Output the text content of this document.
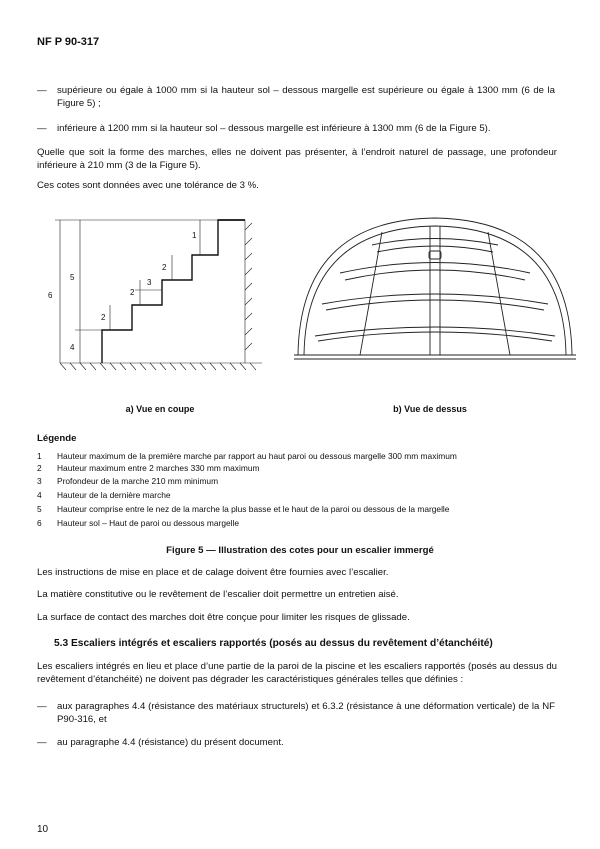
NF P 90-317
— supérieure ou égale à 1000 mm si la hauteur sol – dessous margelle est supérieure ou égale à 1300 mm (6 de la Figure 5) ;
— inférieure à 1200 mm si la hauteur sol – dessous margelle est inférieure à 1300 mm (6 de la Figure 5).
Quelle que soit la forme des marches, elles ne doivent pas présenter, à l’endroit naturel de passage, une profondeur inférieure à 210 mm (3 de la Figure 5).
Ces cotes sont données avec une tolérance de 3 %.
6
5
4
2
2
3
2
1
a) Vue en coupe	b) Vue de dessus
Légende
1	Hauteur maximum de la première marche par rapport au haut paroi ou dessous margelle 300 mm maximum
2	Hauteur maximum entre 2 marches 330 mm maximum
3	Profondeur de la marche 210 mm minimum
4	Hauteur de la dernière marche
5	Hauteur comprise entre le nez de la marche la plus basse et le haut de la paroi ou dessous de la margelle
6	Hauteur sol – Haut de paroi ou dessous margelle
Figure 5 — Illustration des cotes pour un escalier immergé
Les instructions de mise en place et de calage doivent être fournies avec l’escalier.
La matière constitutive ou le revêtement de l’escalier doit permettre un entretien aisé.
La surface de contact des marches doit être conçue pour limiter les risques de glissade.
5.3 Escaliers intégrés et escaliers rapportés (posés au dessus du revêtement d’étanchéité)
Les escaliers intégrés en lieu et place d’une partie de la paroi de la piscine et les escaliers rapportés (posés au dessus du revêtement d’étanchéité) ne doivent pas dégrader les caractéristiques générales telles que définies :
— aux paragraphes 4.4 (résistance des matériaux structurels) et 6.3.2 (résistance à une déformation verticale) de la NF P90-316, et
— au paragraphe 4.4 (résistance) du présent document.
10
